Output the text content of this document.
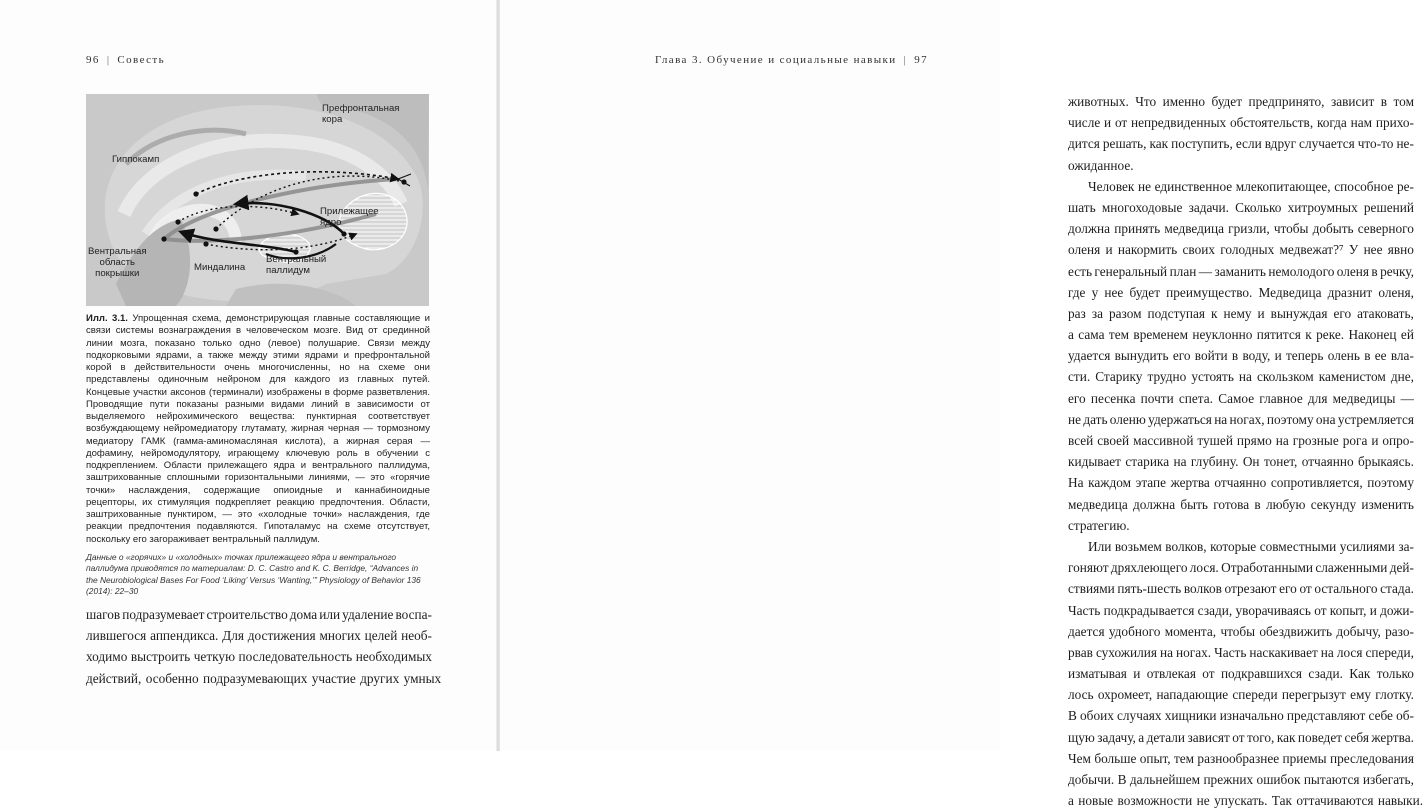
96 | Совесть
Префронтальная
кора
Гиппокамп
Прилежащее
ядро
Вентральная
область
покрышки
Миндалина
Вентральный
паллидум
Илл. 3.1. Упрощенная схема, демонстрирующая главные составляющие и связи системы вознаграждения в человеческом мозге. Вид от срединной линии мозга, показано только одно (левое) полушарие. Связи между подкорковыми ядрами, а также между этими ядрами и префронтальной корой в действительности очень многочисленны, но на схеме они представлены одиночным нейроном для каждого из главных путей. Концевые участки аксонов (терминали) изображены в форме разветвления. Проводящие пути показаны разными видами линий в зависимости от выделяемого нейрохимического вещества: пунктирная соответствует возбуждающему нейромедиатору глутамату, жирная черная — тормозному медиатору ГАМК (гамма-аминомасляная кислота), а жирная серая — дофамину, нейромодулятору, играющему ключевую роль в обучении с подкреплением. Области прилежащего ядра и вентрального паллидума, заштрихованные сплошными горизонтальными линиями, — это «горячие точки» наслаждения, содержащие опиоидные и каннабиноидные рецепторы, их стимуляция подкрепляет реакцию предпочтения. Области, заштрихованные пунктиром, — это «холодные точки» наслаждения, где реакции предпочтения подавляются. Гипоталамус на схеме отсутствует, поскольку его загораживает вентральный паллидум.
Данные о «горячих» и «холодных» точках прилежащего ядра и вентрального паллидума приводятся по материалам: D. C. Castro and K. C. Berridge, “Advances in the Neurobiological Bases For Food ‘Liking’ Versus ‘Wanting,’” Physiology of Behavior 136 (2014): 22–30
шагов подразумевает строительство дома или удаление воспа-
лившегося аппендикса. Для достижения многих целей необ-
ходимо выстроить четкую последовательность необходимых
действий, особенно подразумевающих участие других умных
Глава 3. Обучение и социальные навыки | 97
животных. Что именно будет предпринято, зависит в том
числе и от непредвиденных обстоятельств, когда нам прихо-
дится решать, как поступить, если вдруг случается что-то не-
ожиданное.
Человек не единственное млекопитающее, способное ре-
шать многоходовые задачи. Сколько хитроумных решений
должна принять медведица гризли, чтобы добыть северного
оленя и накормить своих голодных медвежат?⁷ У нее явно
есть генеральный план — заманить немолодого оленя в речку,
где у нее будет преимущество. Медведица дразнит оленя,
раз за разом подступая к нему и вынуждая его атаковать,
а сама тем временем неуклонно пятится к реке. Наконец ей
удается вынудить его войти в воду, и теперь олень в ее вла-
сти. Старику трудно устоять на скользком каменистом дне,
его песенка почти спета. Самое главное для медведицы —
не дать оленю удержаться на ногах, поэтому она устремляется
всей своей массивной тушей прямо на грозные рога и опро-
кидывает старика на глубину. Он тонет, отчаянно брыкаясь.
На каждом этапе жертва отчаянно сопротивляется, поэтому
медведица должна быть готова в любую секунду изменить
стратегию.
Или возьмем волков, которые совместными усилиями за-
гоняют дряхлеющего лося. Отработанными слаженными дей-
ствиями пять-шесть волков отрезают его от остального стада.
Часть подкрадывается сзади, уворачиваясь от копыт, и дожи-
дается удобного момента, чтобы обездвижить добычу, разо-
рвав сухожилия на ногах. Часть наскакивает на лося спереди,
изматывая и отвлекая от подкравшихся сзади. Как только
лось охромеет, нападающие спереди перегрызут ему глотку.
В обоих случаях хищники изначально представляют себе об-
щую задачу, а детали зависят от того, как поведет себя жертва.
Чем больше опыт, тем разнообразнее приемы преследования
добычи. В дальнейшем прежних ошибок пытаются избегать,
а новые возможности не упускать. Так оттачиваются навыки.
